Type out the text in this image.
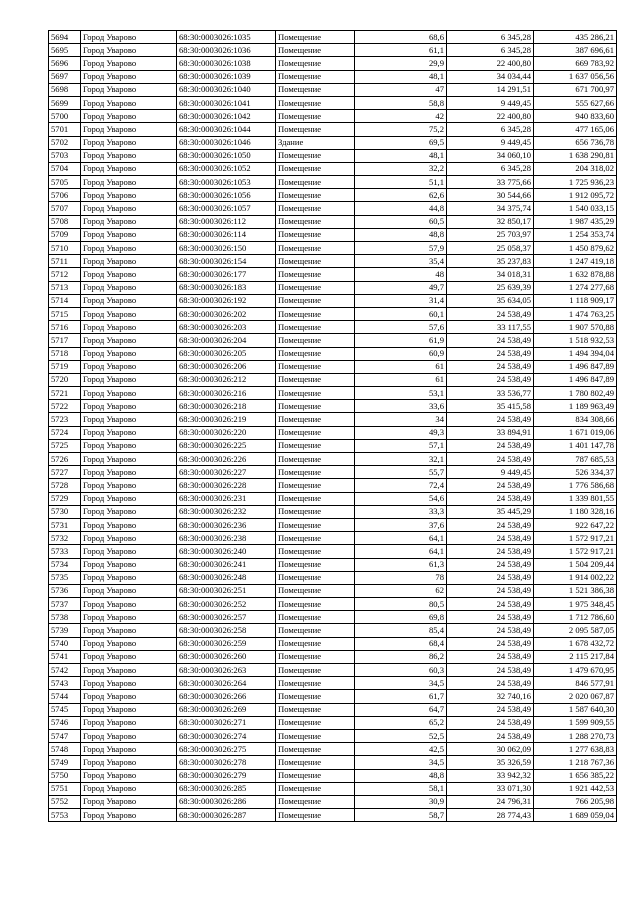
5694	Город Уварово	68:30:0003026:1035	Помещение	68,6	6 345,28	435 286,21
5695	Город Уварово	68:30:0003026:1036	Помещение	61,1	6 345,28	387 696,61
5696	Город Уварово	68:30:0003026:1038	Помещение	29,9	22 400,80	669 783,92
5697	Город Уварово	68:30:0003026:1039	Помещение	48,1	34 034,44	1 637 056,56
5698	Город Уварово	68:30:0003026:1040	Помещение	47	14 291,51	671 700,97
5699	Город Уварово	68:30:0003026:1041	Помещение	58,8	9 449,45	555 627,66
5700	Город Уварово	68:30:0003026:1042	Помещение	42	22 400,80	940 833,60
5701	Город Уварово	68:30:0003026:1044	Помещение	75,2	6 345,28	477 165,06
5702	Город Уварово	68:30:0003026:1046	Здание	69,5	9 449,45	656 736,78
5703	Город Уварово	68:30:0003026:1050	Помещение	48,1	34 060,10	1 638 290,81
5704	Город Уварово	68:30:0003026:1052	Помещение	32,2	6 345,28	204 318,02
5705	Город Уварово	68:30:0003026:1053	Помещение	51,1	33 775,66	1 725 936,23
5706	Город Уварово	68:30:0003026:1056	Помещение	62,6	30 544,66	1 912 095,72
5707	Город Уварово	68:30:0003026:1057	Помещение	44,8	34 375,74	1 540 033,15
5708	Город Уварово	68:30:0003026:112	Помещение	60,5	32 850,17	1 987 435,29
5709	Город Уварово	68:30:0003026:114	Помещение	48,8	25 703,97	1 254 353,74
5710	Город Уварово	68:30:0003026:150	Помещение	57,9	25 058,37	1 450 879,62
5711	Город Уварово	68:30:0003026:154	Помещение	35,4	35 237,83	1 247 419,18
5712	Город Уварово	68:30:0003026:177	Помещение	48	34 018,31	1 632 878,88
5713	Город Уварово	68:30:0003026:183	Помещение	49,7	25 639,39	1 274 277,68
5714	Город Уварово	68:30:0003026:192	Помещение	31,4	35 634,05	1 118 909,17
5715	Город Уварово	68:30:0003026:202	Помещение	60,1	24 538,49	1 474 763,25
5716	Город Уварово	68:30:0003026:203	Помещение	57,6	33 117,55	1 907 570,88
5717	Город Уварово	68:30:0003026:204	Помещение	61,9	24 538,49	1 518 932,53
5718	Город Уварово	68:30:0003026:205	Помещение	60,9	24 538,49	1 494 394,04
5719	Город Уварово	68:30:0003026:206	Помещение	61	24 538,49	1 496 847,89
5720	Город Уварово	68:30:0003026:212	Помещение	61	24 538,49	1 496 847,89
5721	Город Уварово	68:30:0003026:216	Помещение	53,1	33 536,77	1 780 802,49
5722	Город Уварово	68:30:0003026:218	Помещение	33,6	35 415,58	1 189 963,49
5723	Город Уварово	68:30:0003026:219	Помещение	34	24 538,49	834 308,66
5724	Город Уварово	68:30:0003026:220	Помещение	49,3	33 894,91	1 671 019,06
5725	Город Уварово	68:30:0003026:225	Помещение	57,1	24 538,49	1 401 147,78
5726	Город Уварово	68:30:0003026:226	Помещение	32,1	24 538,49	787 685,53
5727	Город Уварово	68:30:0003026:227	Помещение	55,7	9 449,45	526 334,37
5728	Город Уварово	68:30:0003026:228	Помещение	72,4	24 538,49	1 776 586,68
5729	Город Уварово	68:30:0003026:231	Помещение	54,6	24 538,49	1 339 801,55
5730	Город Уварово	68:30:0003026:232	Помещение	33,3	35 445,29	1 180 328,16
5731	Город Уварово	68:30:0003026:236	Помещение	37,6	24 538,49	922 647,22
5732	Город Уварово	68:30:0003026:238	Помещение	64,1	24 538,49	1 572 917,21
5733	Город Уварово	68:30:0003026:240	Помещение	64,1	24 538,49	1 572 917,21
5734	Город Уварово	68:30:0003026:241	Помещение	61,3	24 538,49	1 504 209,44
5735	Город Уварово	68:30:0003026:248	Помещение	78	24 538,49	1 914 002,22
5736	Город Уварово	68:30:0003026:251	Помещение	62	24 538,49	1 521 386,38
5737	Город Уварово	68:30:0003026:252	Помещение	80,5	24 538,49	1 975 348,45
5738	Город Уварово	68:30:0003026:257	Помещение	69,8	24 538,49	1 712 786,60
5739	Город Уварово	68:30:0003026:258	Помещение	85,4	24 538,49	2 095 587,05
5740	Город Уварово	68:30:0003026:259	Помещение	68,4	24 538,49	1 678 432,72
5741	Город Уварово	68:30:0003026:260	Помещение	86,2	24 538,49	2 115 217,84
5742	Город Уварово	68:30:0003026:263	Помещение	60,3	24 538,49	1 479 670,95
5743	Город Уварово	68:30:0003026:264	Помещение	34,5	24 538,49	846 577,91
5744	Город Уварово	68:30:0003026:266	Помещение	61,7	32 740,16	2 020 067,87
5745	Город Уварово	68:30:0003026:269	Помещение	64,7	24 538,49	1 587 640,30
5746	Город Уварово	68:30:0003026:271	Помещение	65,2	24 538,49	1 599 909,55
5747	Город Уварово	68:30:0003026:274	Помещение	52,5	24 538,49	1 288 270,73
5748	Город Уварово	68:30:0003026:275	Помещение	42,5	30 062,09	1 277 638,83
5749	Город Уварово	68:30:0003026:278	Помещение	34,5	35 326,59	1 218 767,36
5750	Город Уварово	68:30:0003026:279	Помещение	48,8	33 942,32	1 656 385,22
5751	Город Уварово	68:30:0003026:285	Помещение	58,1	33 071,30	1 921 442,53
5752	Город Уварово	68:30:0003026:286	Помещение	30,9	24 796,31	766 205,98
5753	Город Уварово	68:30:0003026:287	Помещение	58,7	28 774,43	1 689 059,04
